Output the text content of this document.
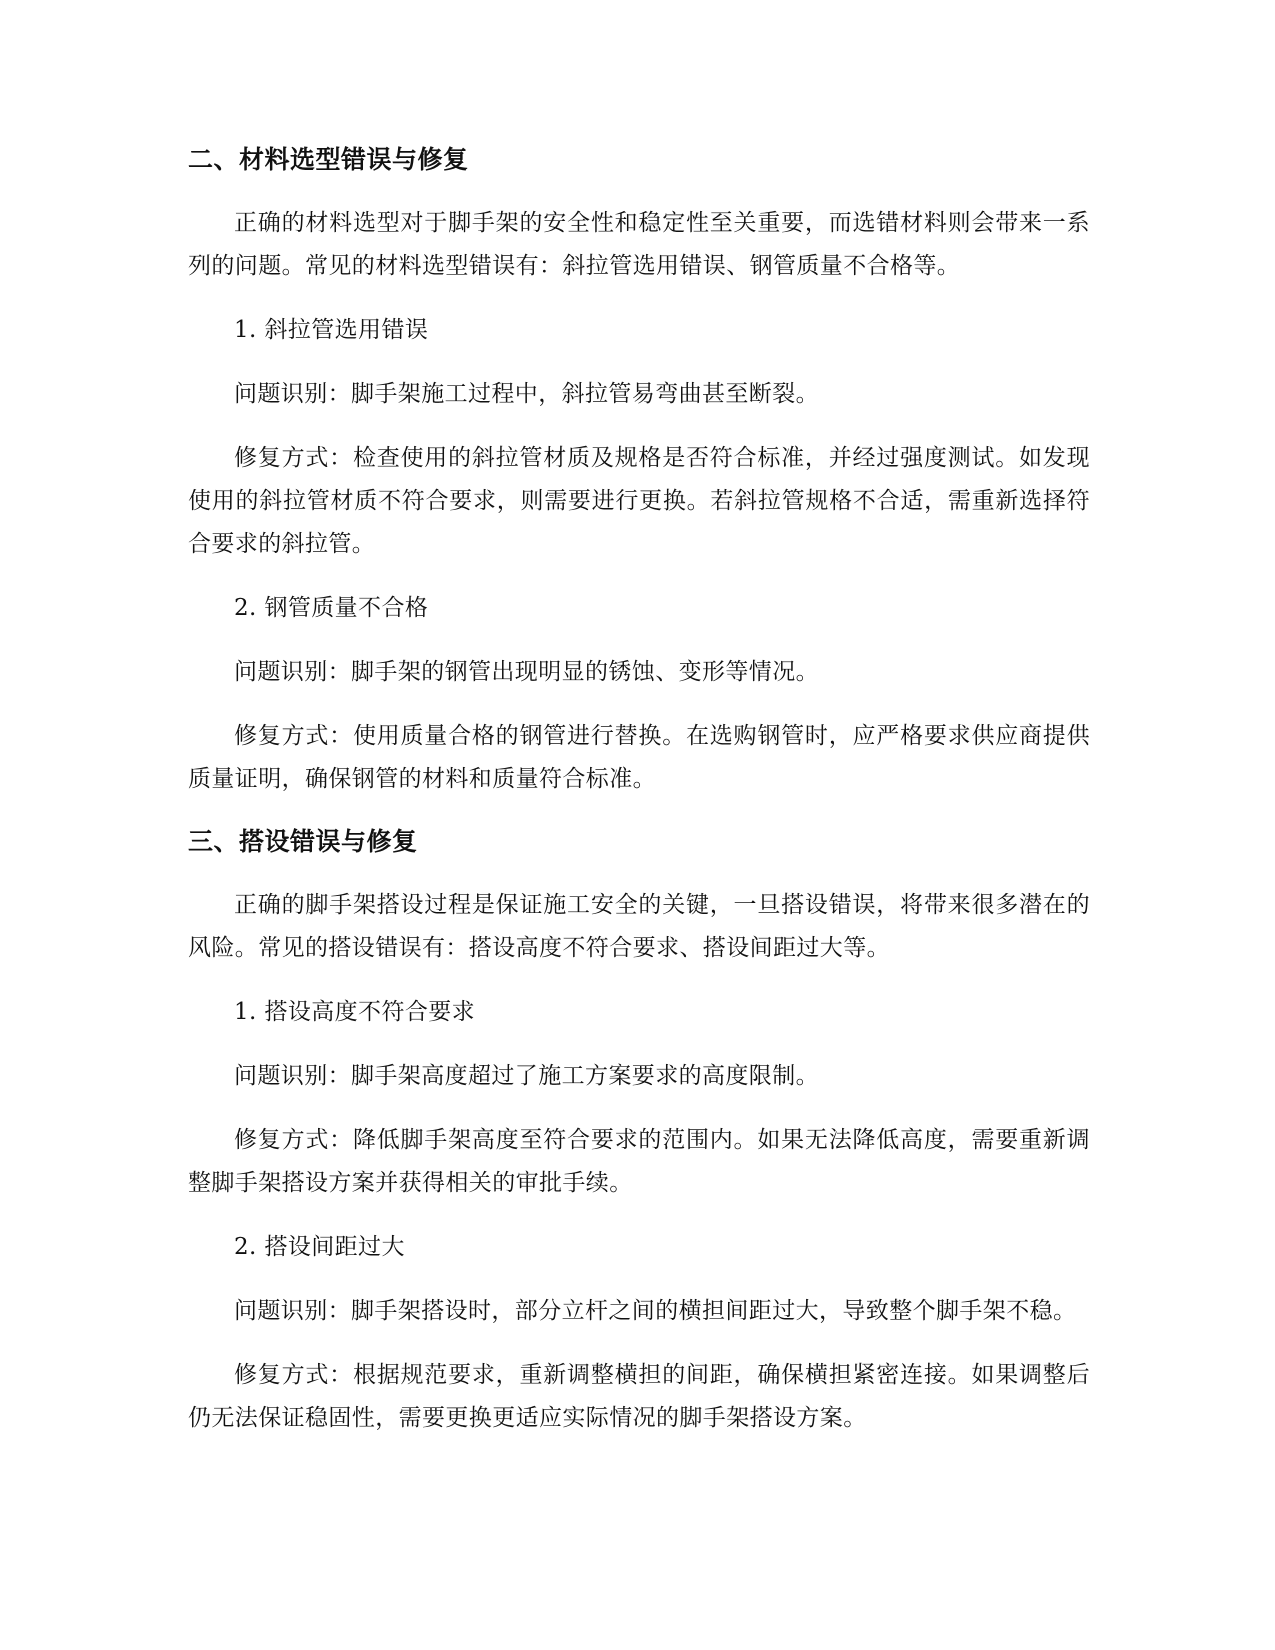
二、材料选型错误与修复

正确的材料选型对于脚手架的安全性和稳定性至关重要，而选错材料则会带来一系列的问题。常见的材料选型错误有：斜拉管选用错误、钢管质量不合格等。

1. 斜拉管选用错误

问题识别：脚手架施工过程中，斜拉管易弯曲甚至断裂。

修复方式：检查使用的斜拉管材质及规格是否符合标准，并经过强度测试。如发现使用的斜拉管材质不符合要求，则需要进行更换。若斜拉管规格不合适，需重新选择符合要求的斜拉管。

2. 钢管质量不合格

问题识别：脚手架的钢管出现明显的锈蚀、变形等情况。

修复方式：使用质量合格的钢管进行替换。在选购钢管时，应严格要求供应商提供质量证明，确保钢管的材料和质量符合标准。

三、搭设错误与修复

正确的脚手架搭设过程是保证施工安全的关键，一旦搭设错误，将带来很多潜在的风险。常见的搭设错误有：搭设高度不符合要求、搭设间距过大等。

1. 搭设高度不符合要求

问题识别：脚手架高度超过了施工方案要求的高度限制。

修复方式：降低脚手架高度至符合要求的范围内。如果无法降低高度，需要重新调整脚手架搭设方案并获得相关的审批手续。

2. 搭设间距过大

问题识别：脚手架搭设时，部分立杆之间的横担间距过大，导致整个脚手架不稳。

修复方式：根据规范要求，重新调整横担的间距，确保横担紧密连接。如果调整后仍无法保证稳固性，需要更换更适应实际情况的脚手架搭设方案。
